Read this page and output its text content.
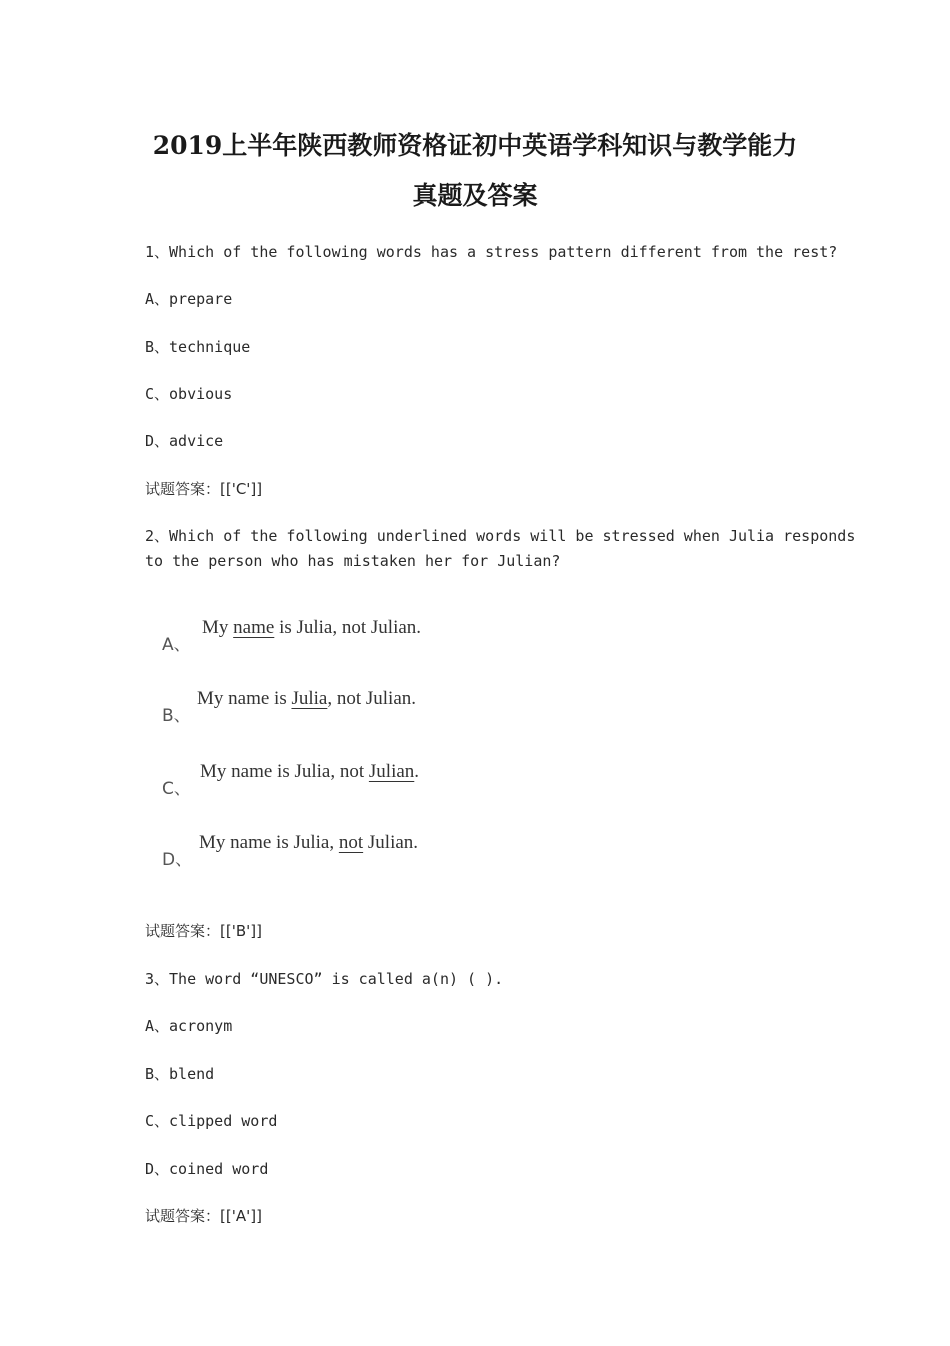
2019上半年陕西教师资格证初中英语学科知识与教学能力
真题及答案
1、Which of the following words has a stress pattern different from the rest?
A、prepare
B、technique
C、obvious
D、advice
试题答案：[['C']]
2、Which of the following underlined words will be stressed when Julia responds
to the person who has mistaken her for Julian?
A、
My name is Julia, not Julian.
B、
My name is Julia, not Julian.
C、
My name is Julia, not Julian.
D、
My name is Julia, not Julian.
试题答案：[['B']]
3、The word “UNESCO” is called a(n) ( ).
A、acronym
B、blend
C、clipped word
D、coined word
试题答案：[['A']]
